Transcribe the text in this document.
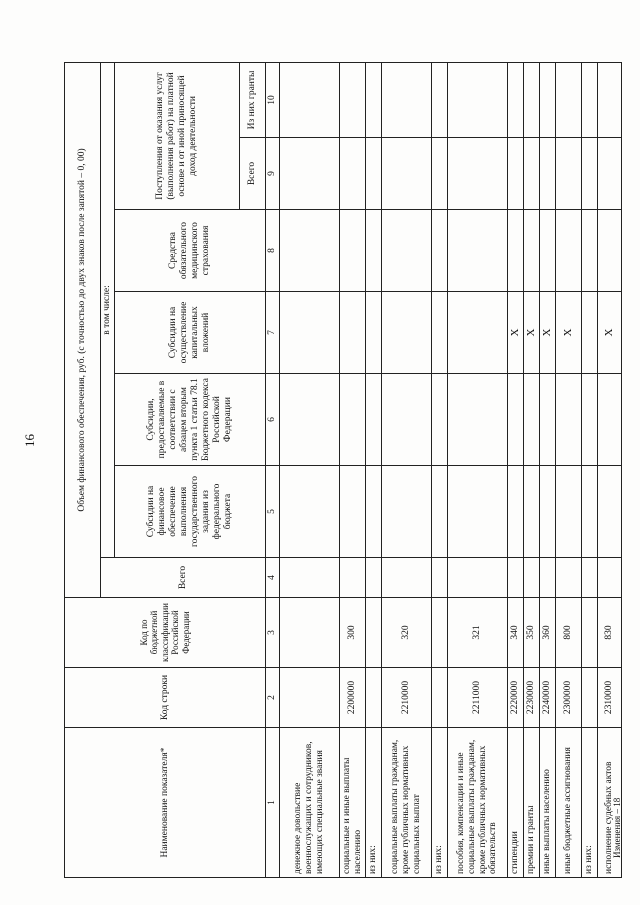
16
Наименование показателя*	Код строки	Код по бюджетной классификации Российской Федерации	Объем финансового обеспечения, руб. (с точностью до двух знаков после запятой – 0, 00)						
			Всего	в том числе:					
				Субсидии на финансовое обеспечение выполнения государственного задания из федерального бюджета	Субсидии, предоставляемые в соответствии с абзацем вторым пункта 1 статьи 78.1 Бюджетного кодекса Российской Федерации	Субсидии на осуществление капитальных вложений	Средства обязательного медицинского страхования	Поступления от оказания услуг (выполнения работ) на платной основе и от иной приносящей доход деятельности	
								Всего	Из них гранты
1	2	3	4	5	6	7	8	9	10
денежное довольствие военнослужащих и сотрудников, имеющих специальные звания									
социальные и иные выплаты населению	2200000	300							
из них:									
социальные выплаты гражданам, кроме публичных нормативных социальных выплат	2210000	320							
из них:									
пособия, компенсации и иные социальные выплаты гражданам, кроме публичных нормативных обязательств	2211000	321							
стипендии	2220000	340				X			
премии и гранты	2230000	350				X			
иные выплаты населению	2240000	360				X			
иные бюджетные ассигнования	2300000	800				X			
из них:									
исполнение судебных актов	2310000	830				X			
Изменения – 18
